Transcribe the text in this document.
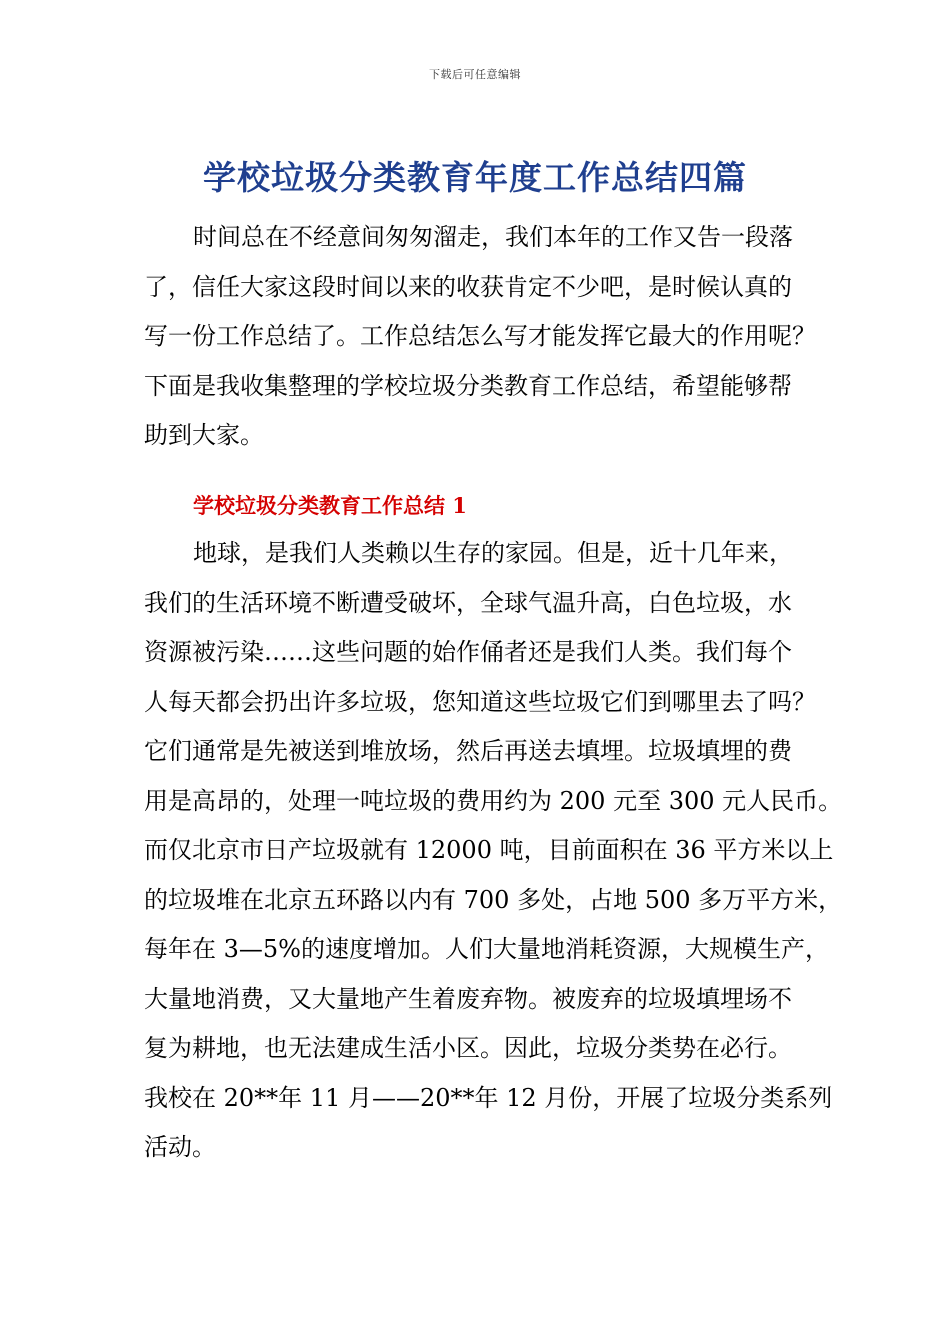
下载后可任意编辑
学校垃圾分类教育年度工作总结四篇
时间总在不经意间匆匆溜走，我们本年的工作又告一段落
了，信任大家这段时间以来的收获肯定不少吧，是时候认真的
写一份工作总结了。工作总结怎么写才能发挥它最大的作用呢？
下面是我收集整理的学校垃圾分类教育工作总结，希望能够帮
助到大家。
学校垃圾分类教育工作总结 1
地球，是我们人类赖以生存的家园。但是，近十几年来，
我们的生活环境不断遭受破坏，全球气温升高，白色垃圾，水
资源被污染……这些问题的始作俑者还是我们人类。我们每个
人每天都会扔出许多垃圾，您知道这些垃圾它们到哪里去了吗？
它们通常是先被送到堆放场，然后再送去填埋。垃圾填埋的费
用是高昂的，处理一吨垃圾的费用约为 200 元至 300 元人民币。
而仅北京市日产垃圾就有 12000 吨，目前面积在 36 平方米以上
的垃圾堆在北京五环路以内有 700 多处，占地 500 多万平方米，
每年在 3—5%的速度增加。人们大量地消耗资源，大规模生产，
大量地消费，又大量地产生着废弃物。被废弃的垃圾填埋场不
复为耕地，也无法建成生活小区。因此，垃圾分类势在必行。
我校在 20**年 11 月——20**年 12 月份，开展了垃圾分类系列
活动。
